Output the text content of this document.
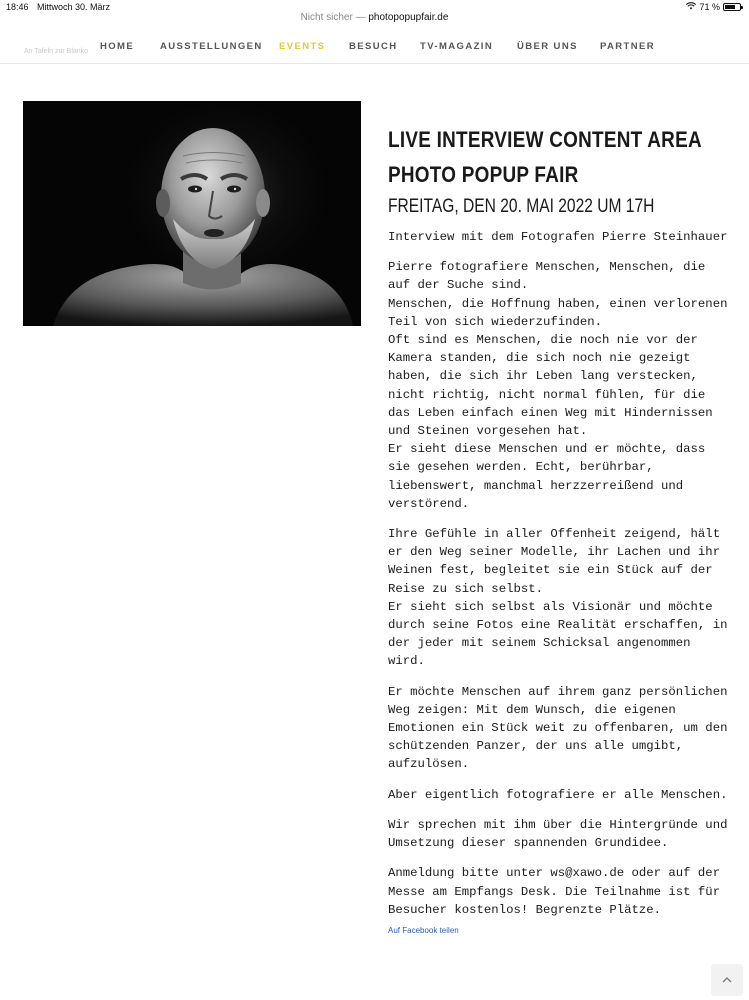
18:46 Mittwoch 30. März	71 %
Nicht sicher — photopopupfair.de
An Tafeln zur Blanko HOME	AUSSTELLUNGEN EVENTS BESUCH TV-MAGAZIN	ÜBER UNS PARTNER
LIVE INTERVIEW CONTENT AREA
PHOTO POPUP FAIR

FREITAG, DEN 20. MAI 2022 UM 17H

Interview mit dem Fotografen Pierre Steinhauer

Pierre fotografiere Menschen, Menschen, die auf der Suche sind.
Menschen, die Hoffnung haben, einen verlorenen Teil von sich wiederzufinden.
Oft sind es Menschen, die noch nie vor der Kamera standen, die sich noch nie gezeigt haben, die sich ihr Leben lang verstecken, nicht richtig, nicht normal fühlen, für die das Leben einfach einen Weg mit Hindernissen und Steinen vorgesehen hat.
Er sieht diese Menschen und er möchte, dass sie gesehen werden. Echt, berührbar, liebenswert, manchmal herzzerreißend und verstörend.

Ihre Gefühle in aller Offenheit zeigend, hält er den Weg seiner Modelle, ihr Lachen und ihr Weinen fest, begleitet sie ein Stück auf der Reise zu sich selbst.
Er sieht sich selbst als Visionär und möchte durch seine Fotos eine Realität erschaffen, in der jeder mit seinem Schicksal angenommen wird.

Er möchte Menschen auf ihrem ganz persönlichen Weg zeigen: Mit dem Wunsch, die eigenen Emotionen ein Stück weit zu offenbaren, um den schützenden Panzer, der uns alle umgibt, aufzulösen.

Aber eigentlich fotografiere er alle Menschen.

Wir sprechen mit ihm über die Hintergründe und Umsetzung dieser spannenden Grundidee.

Anmeldung bitte unter ws@xawo.de oder auf der Messe am Empfangs Desk. Die Teilnahme ist für Besucher kostenlos! Begrenzte Plätze.

Auf Facebook teilen
